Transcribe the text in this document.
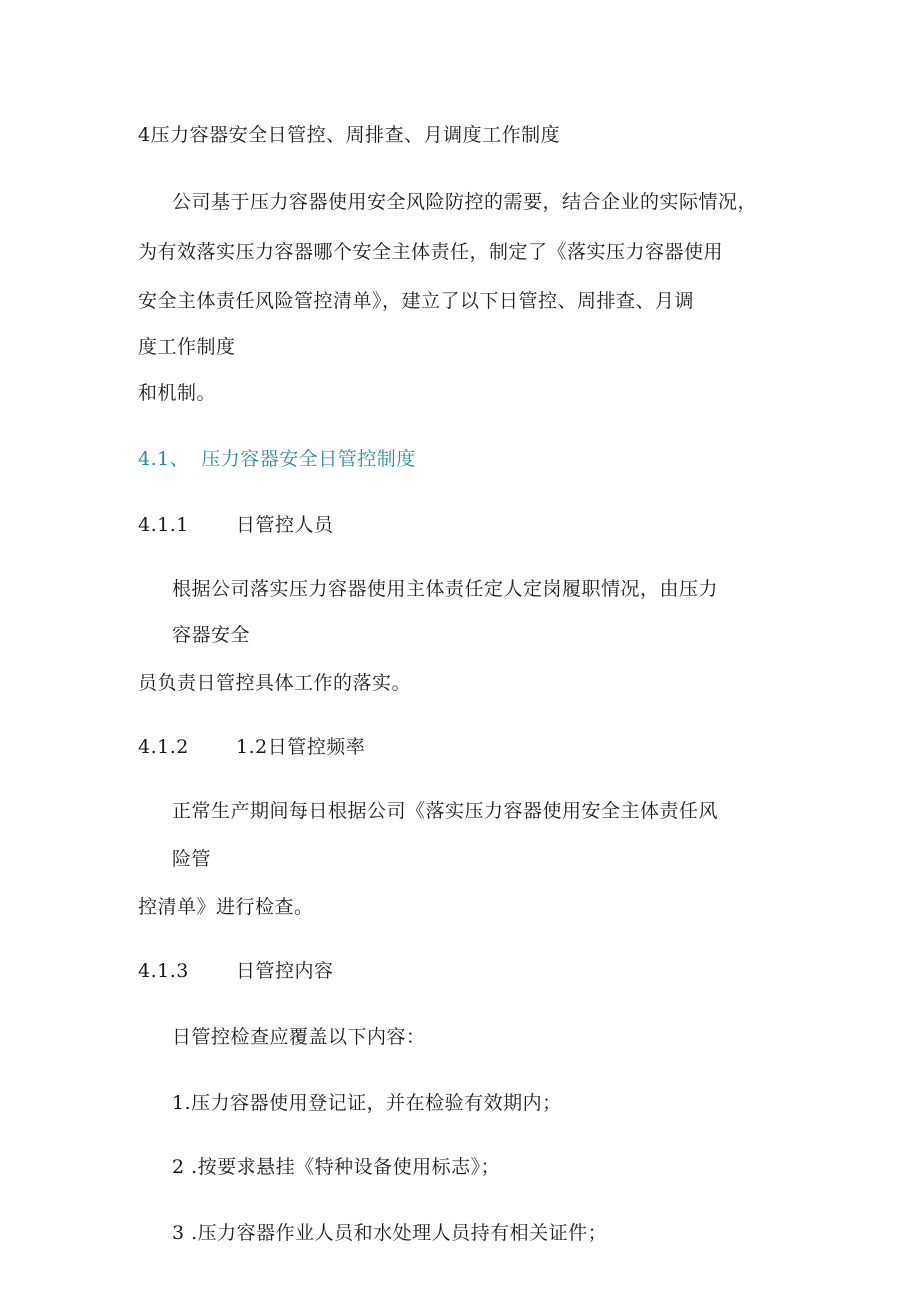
4压力容器安全日管控、周排查、月调度工作制度
公司基于压力容器使用安全风险防控的需要，结合企业的实际情况，
为有效落实压力容器哪个安全主体责任，制定了《落实压力容器使用
安全主体责任风险管控清单》，建立了以下日管控、周排查、月调
度工作制度
和机制。
4.1、 压力容器安全日管控制度
4.1.1 日管控人员
根据公司落实压力容器使用主体责任定人定岗履职情况，由压力
容器安全
员负责日管控具体工作的落实。
4.1.2 1.2日管控频率
正常生产期间每日根据公司《落实压力容器使用安全主体责任风
险管
控清单》进行检查。
4.1.3 日管控内容
日管控检查应覆盖以下内容：
1.压力容器使用登记证，并在检验有效期内；
2 .按要求悬挂《特种设备使用标志》；
3 .压力容器作业人员和水处理人员持有相关证件；
